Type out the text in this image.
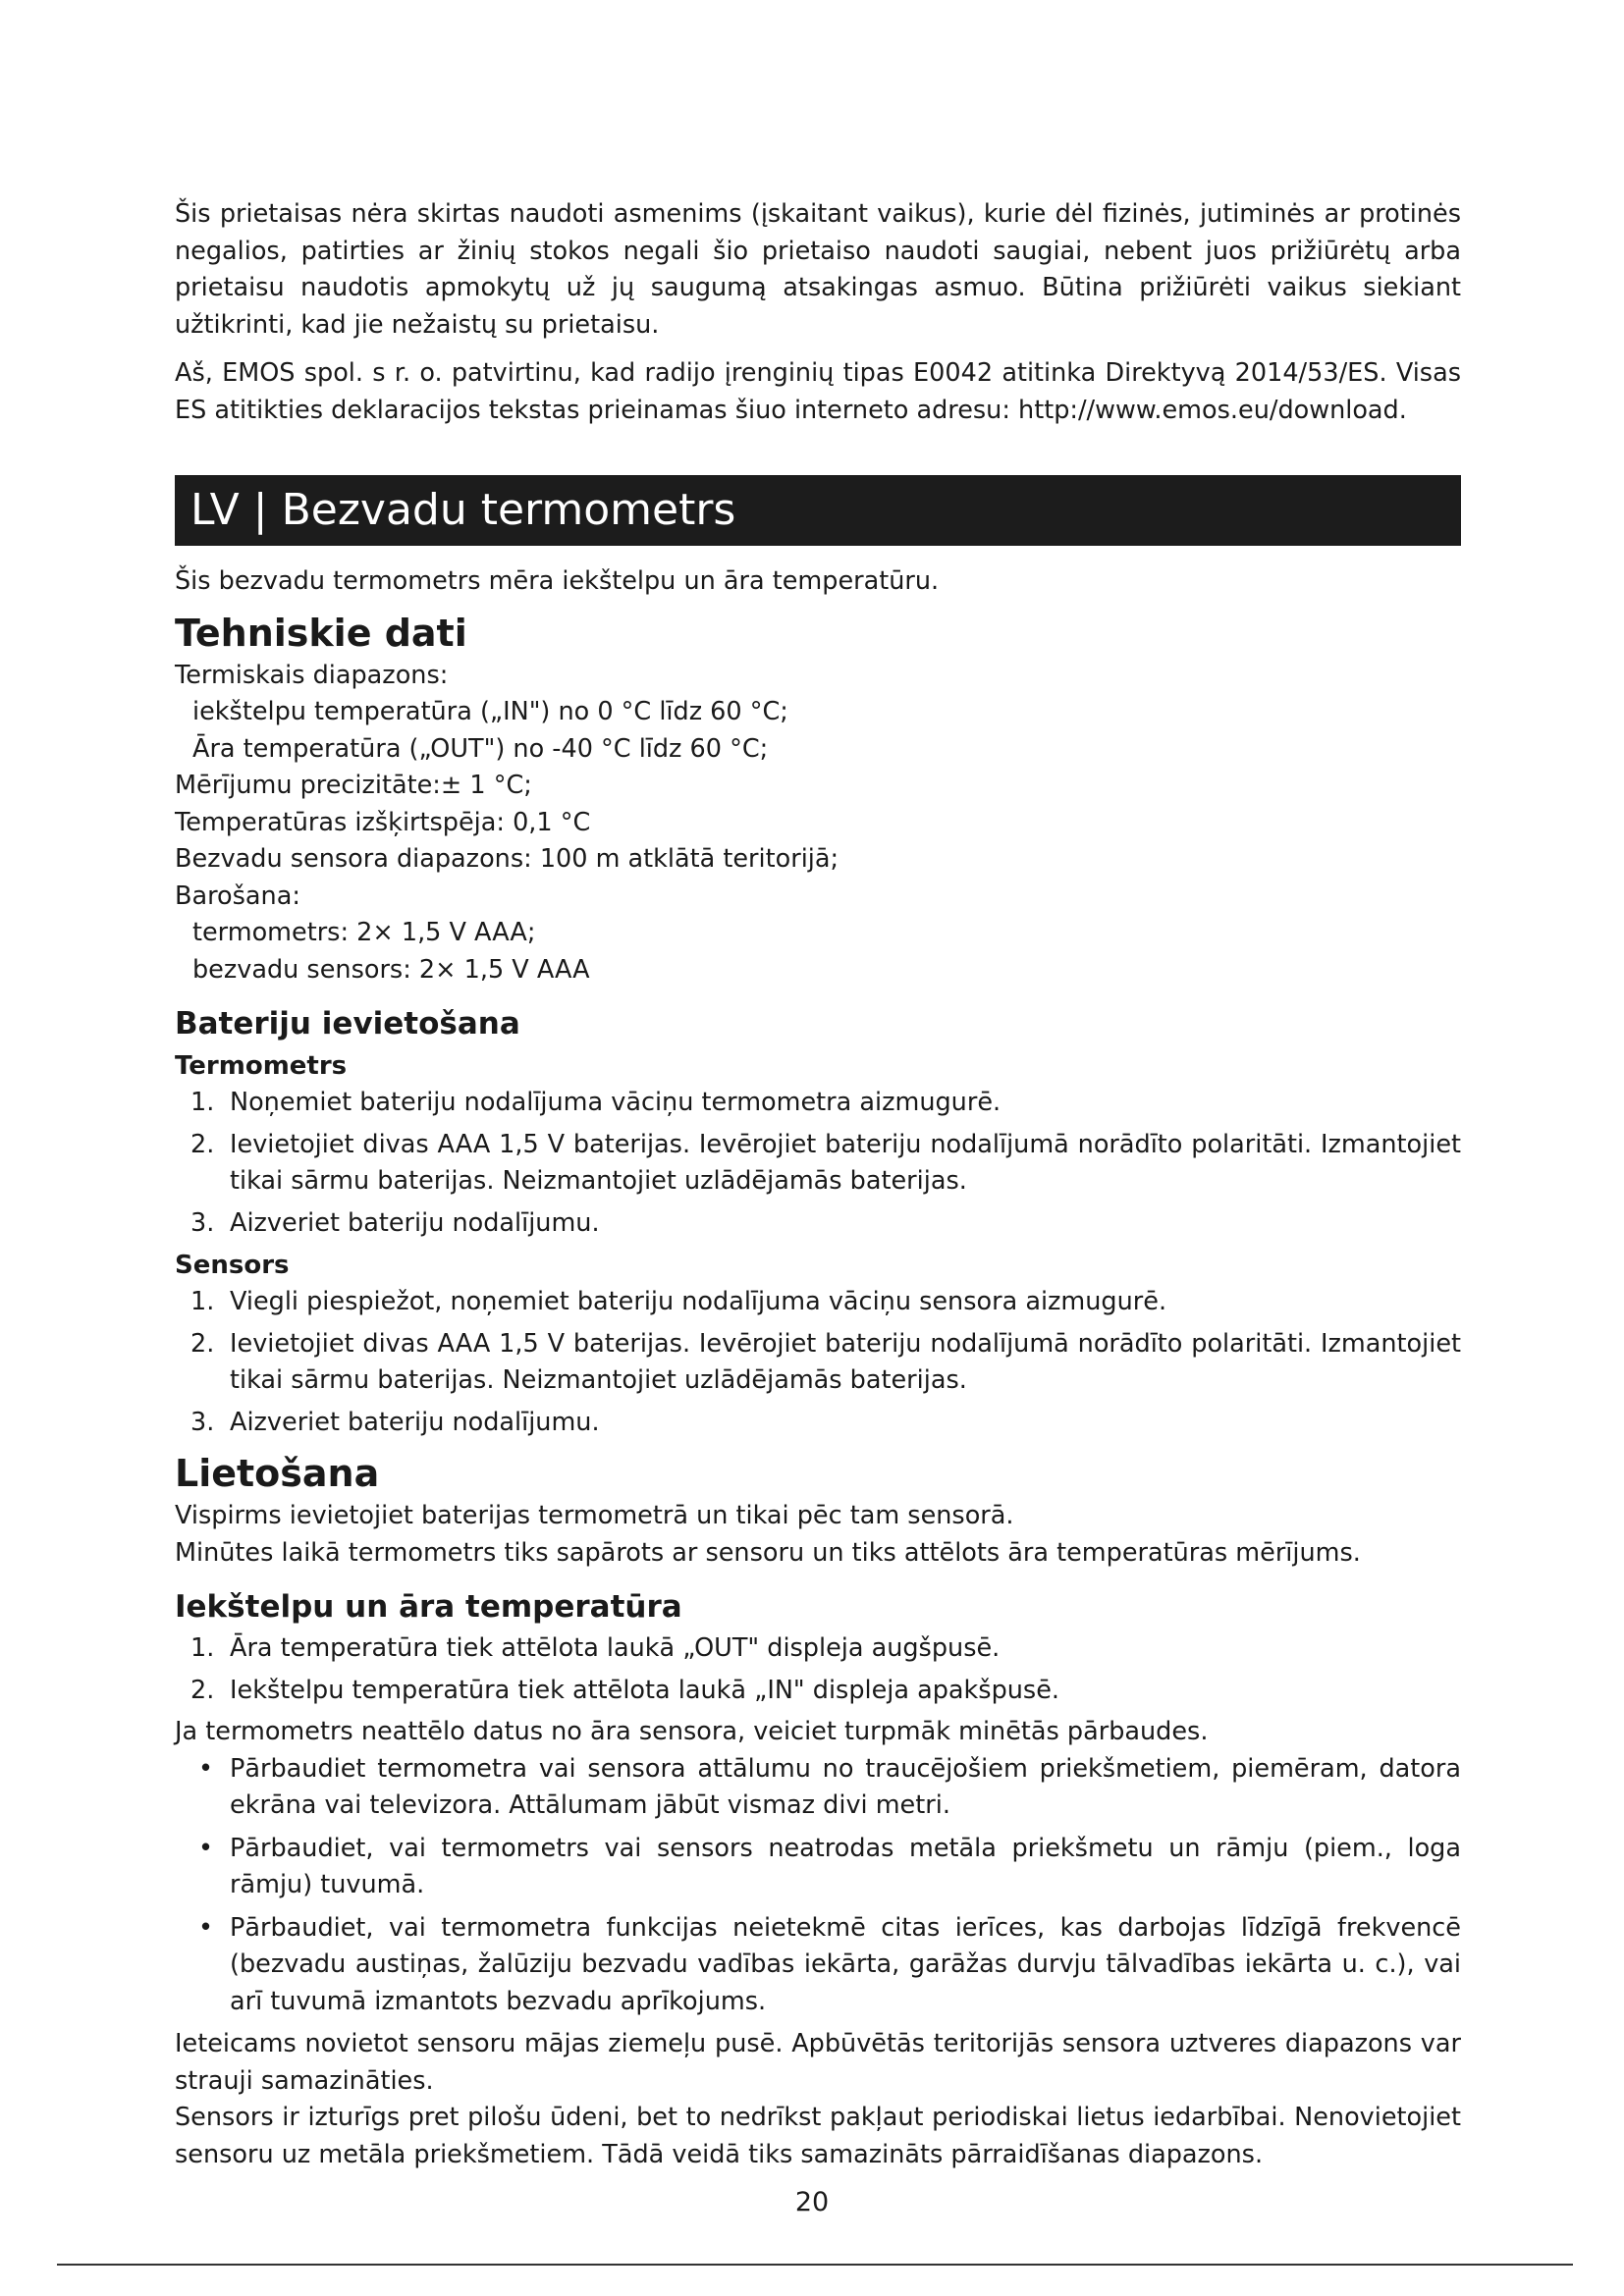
Šis prietaisas nėra skirtas naudoti asmenims (įskaitant vaikus), kurie dėl fizinės, jutiminės ar protinės negalios, patirties ar žinių stokos negali šio prietaiso naudoti saugiai, nebent juos prižiūrėtų arba prietaisu naudotis apmokytų už jų saugumą atsakingas asmuo. Būtina prižiūrėti vaikus siekiant užtikrinti, kad jie nežaistų su prietaisu.

Aš, EMOS spol. s r. o. patvirtinu, kad radijo įrenginių tipas E0042 atitinka Direktyvą 2014/53/ES. Visas ES atitikties deklaracijos tekstas prieinamas šiuo interneto adresu: http://www.emos.eu/download.

LV | Bezvadu termometrs

Šis bezvadu termometrs mēra iekštelpu un āra temperatūru.

Tehniskie dati

Termiskais diapazons:

iekštelpu temperatūra („IN") no 0 °C līdz 60 °C;

Āra temperatūra („OUT") no -40 °C līdz 60 °C;

Mērījumu precizitāte:± 1 °C;

Temperatūras izšķirtspēja: 0,1 °C

Bezvadu sensora diapazons: 100 m atklātā teritorijā;

Barošana:

termometrs: 2× 1,5 V AAA;

bezvadu sensors: 2× 1,5 V AAA

Bateriju ievietošana
Termometrs
1. Noņemiet bateriju nodalījuma vāciņu termometra aizmugurē.
2. Ievietojiet divas AAA 1,5 V baterijas. Ievērojiet bateriju nodalījumā norādīto polaritāti. Izmantojiet tikai sārmu baterijas. Neizmantojiet uzlādējamās baterijas.
3. Aizveriet bateriju nodalījumu.
Sensors
1. Viegli piespiežot, noņemiet bateriju nodalījuma vāciņu sensora aizmugurē.
2. Ievietojiet divas AAA 1,5 V baterijas. Ievērojiet bateriju nodalījumā norādīto polaritāti. Izmantojiet tikai sārmu baterijas. Neizmantojiet uzlādējamās baterijas.
3. Aizveriet bateriju nodalījumu.
Lietošana

Vispirms ievietojiet baterijas termometrā un tikai pēc tam sensorā.

Minūtes laikā termometrs tiks sapārots ar sensoru un tiks attēlots āra temperatūras mērījums.

Iekštelpu un āra temperatūra
1. Āra temperatūra tiek attēlota laukā „OUT" displeja augšpusē.
2. Iekštelpu temperatūra tiek attēlota laukā „IN" displeja apakšpusē.

Ja termometrs neattēlo datus no āra sensora, veiciet turpmāk minētās pārbaudes.

• Pārbaudiet termometra vai sensora attālumu no traucējošiem priekšmetiem, piemēram, datora ekrāna vai televizora. Attālumam jābūt vismaz divi metri.
• Pārbaudiet, vai termometrs vai sensors neatrodas metāla priekšmetu un rāmju (piem., loga rāmju) tuvumā.
• Pārbaudiet, vai termometra funkcijas neietekmē citas ierīces, kas darbojas līdzīgā frekvencē (bezvadu austiņas, žalūziju bezvadu vadības iekārta, garāžas durvju tālvadības iekārta u. c.), vai arī tuvumā izmantots bezvadu aprīkojums.

Ieteicams novietot sensoru mājas ziemeļu pusē. Apbūvētās teritorijās sensora uztveres diapazons var strauji samazināties.

Sensors ir izturīgs pret pilošu ūdeni, bet to nedrīkst pakļaut periodiskai lietus iedarbībai. Nenovietojiet sensoru uz metāla priekšmetiem. Tādā veidā tiks samazināts pārraidīšanas diapazons.

20
